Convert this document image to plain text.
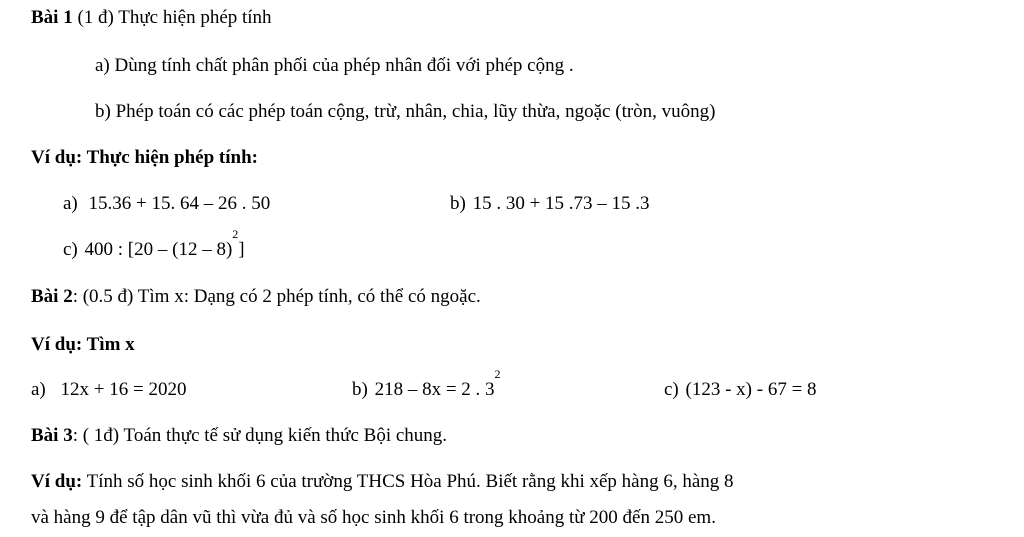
Bài 1 (1 đ) Thực hiện phép tính
a) Dùng tính chất phân phối của phép nhân đối với phép cộng .
b) Phép toán có các phép toán cộng, trừ, nhân, chia, lũy thừa, ngoặc (tròn, vuông)
Ví dụ: Thực hiện phép tính:
a) 15.36 + 15. 64 – 26 . 50	b) 15 . 30 + 15 .73 – 15 .3
c) 400 : [20 – (12 – 8)$^2$]
Bài 2: (0.5 đ) Tìm x: Dạng có 2 phép tính, có thể có ngoặc.
Ví dụ: Tìm x
a) 12x + 16 = 2020	b) 218 – 8x = 2 . $3^2$
c) (123 - x) - 67 = 8
Bài 3: ( 1đ) Toán thực tế sử dụng kiến thức Bội chung.
Ví dụ: Tính số học sinh khối 6 của trường THCS Hòa Phú. Biết rằng khi xếp hàng 6, hàng 8
và hàng 9 để tập dân vũ thì vừa đủ và số học sinh khối 6 trong khoảng từ 200 đến 250 em.
